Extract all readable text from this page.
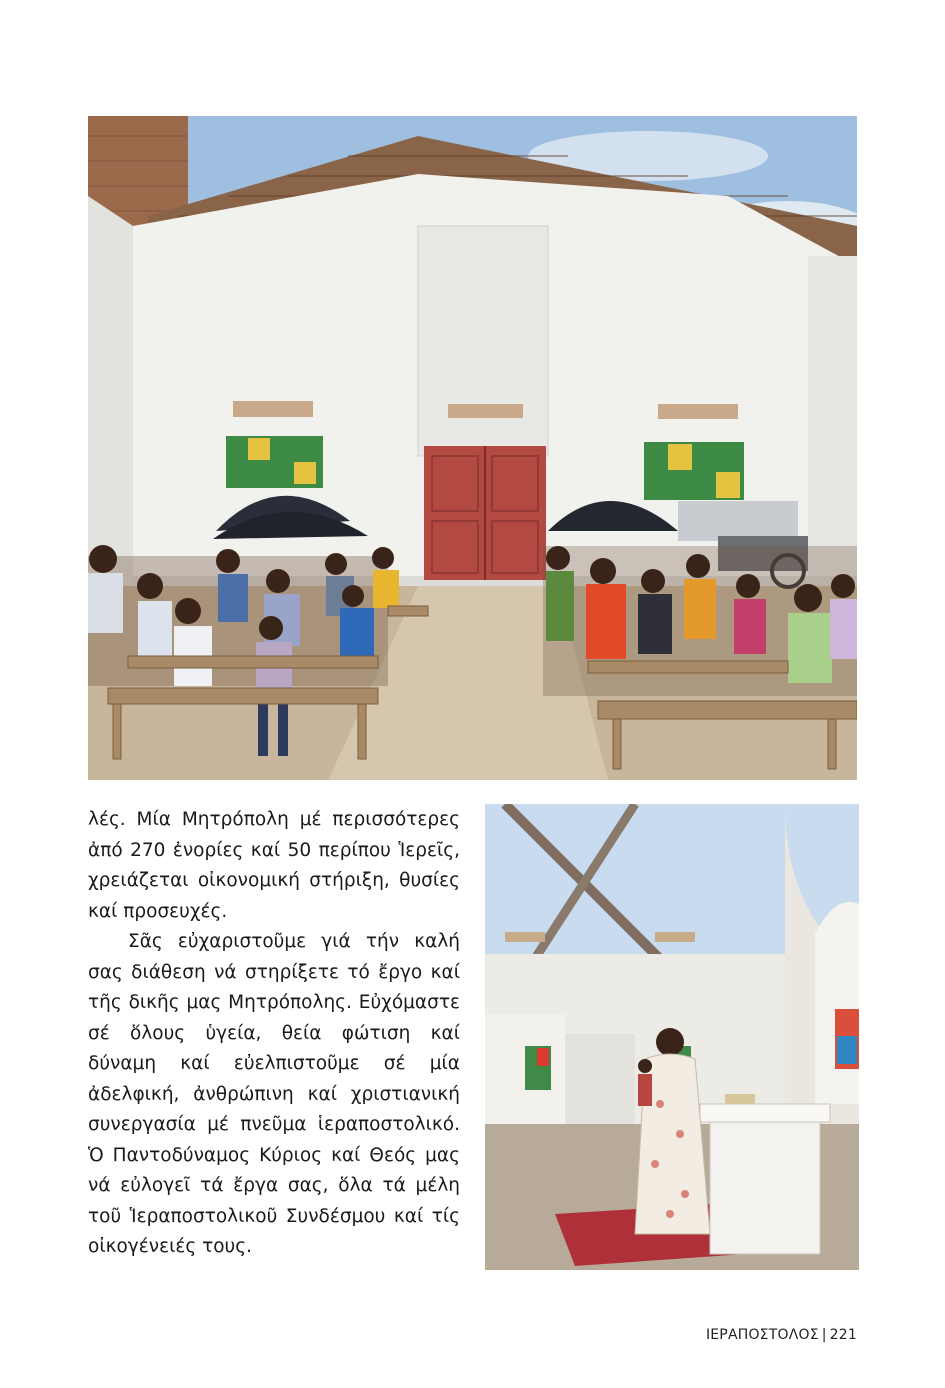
λές. Μία Μητρόπολη μέ περισσότερες ἀπό 270 ἐνορίες καί 50 περίπου Ἱερεῖς, χρειάζεται οἰκονομική στήριξη, θυσίες καί προσευχές.

Σᾶς εὐχαριστοῦμε γιά τήν καλή σας διάθεση νά στηρίξετε τό ἔργο καί τῆς δικῆς μας Μητρόπολης. Εὐχόμαστε σέ ὅλους ὑγεία, θεία φώτιση καί δύναμη καί εὐελπιστοῦμε σέ μία ἀδελφική, ἀνθρώπινη καί χριστιανική συνεργασία μέ πνεῦμα ἱεραποστολικό. Ὁ Παντοδύναμος Κύριος καί Θεός μας νά εὐλογεῖ τά ἔργα σας, ὅλα τά μέλη τοῦ Ἱεραποστολικοῦ Συνδέσμου καί τίς οἰκογένειές τους.

ΙΕΡΑΠΟΣΤΟΛΟΣ | 221
